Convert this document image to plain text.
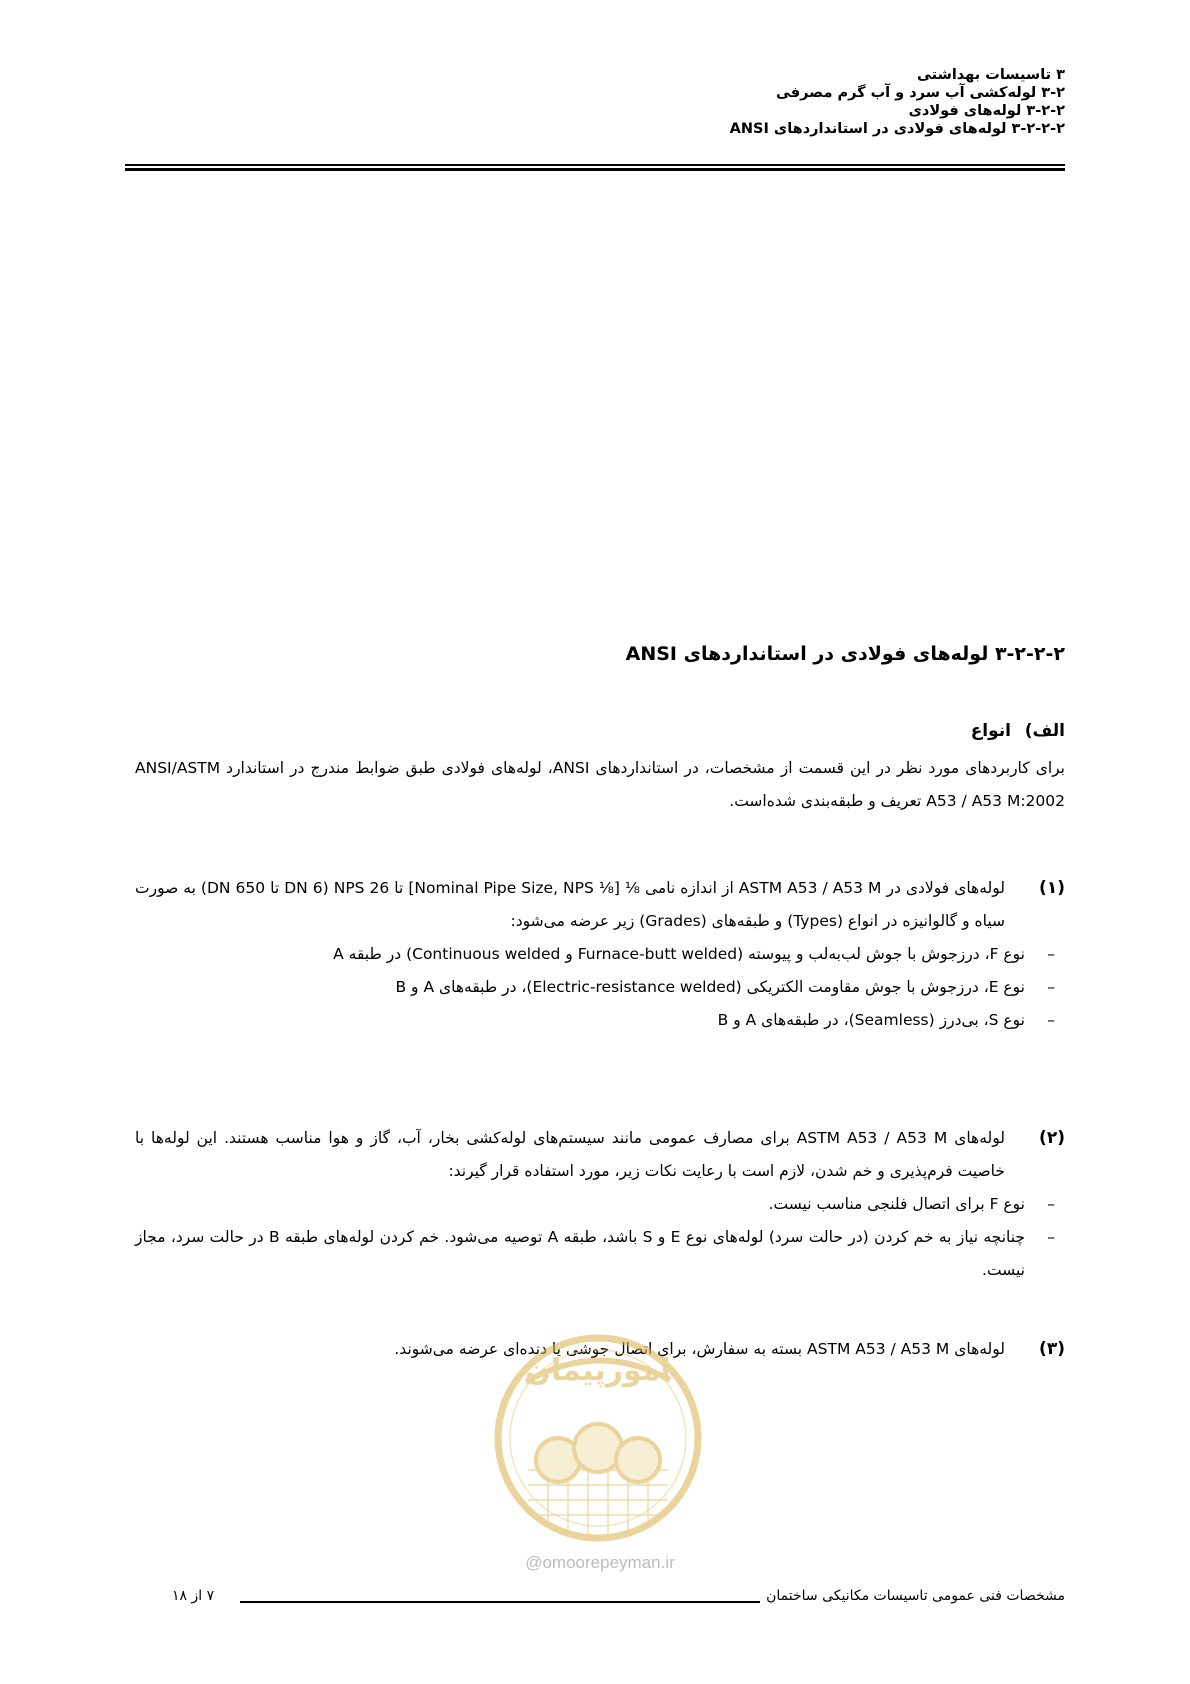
۳ تاسیسات بهداشتی
۳-۲ لوله‌کشی آب سرد و آب گرم مصرفی
۳-۲-۲ لوله‌های فولادی
۳-۲-۲-۲ لوله‌های فولادی در استانداردهای ANSI
۳-۲-۲-۲ لوله‌های فولادی در استانداردهای ANSI
الف)انواع
برای کاربردهای مورد نظر در این قسمت از مشخصات، در استانداردهای ANSI، لوله‌های فولادی طبق ضوابط مندرج در استاندارد ANSI/ASTM A53 / A53 M:2002 تعریف و طبقه‌بندی شده‌است.
(۱)
لوله‌های فولادی در ASTM A53 / A53 M از اندازه نامی ⅛ [⅛ Nominal Pipe Size, NPS] تا NPS 26 (DN 6 تا DN 650) به صورت سیاه و گالوانیزه در انواع (Types) و طبقه‌های (Grades) زیر عرضه می‌شود:
–
نوع F، درزجوش با جوش لب‌به‌لب و پیوسته (Furnace-butt welded و Continuous welded) در طبقه A
–
نوع E، درزجوش با جوش مقاومت الکتریکی (Electric-resistance welded)، در طبقه‌های A و B
–
نوع S، بی‌درز (Seamless)، در طبقه‌های A و B
(۲)
لوله‌های ASTM A53 / A53 M برای مصارف عمومی مانند سیستم‌های لوله‌کشی بخار، آب، گاز و هوا مناسب هستند. این لوله‌ها با خاصیت فرم‌پذیری و خم شدن، لازم است با رعایت نکات زیر، مورد استفاده قرار گیرند:
–
نوع F برای اتصال فلنجی مناسب نیست.
–
چنانچه نیاز به خم کردن (در حالت سرد) لوله‌های نوع E و S باشد، طبقه A توصیه می‌شود. خم کردن لوله‌های طبقه B در حالت سرد، مجاز نیست.
(۳)
لوله‌های ASTM A53 / A53 M بسته به سفارش، برای اتصال جوشی یا دنده‌ای عرضه می‌شوند.
امورپیمان
@omoorepeyman.ir
مشخصات فنی عمومی تاسیسات مکانیکی ساختمان
۷ از ۱۸
